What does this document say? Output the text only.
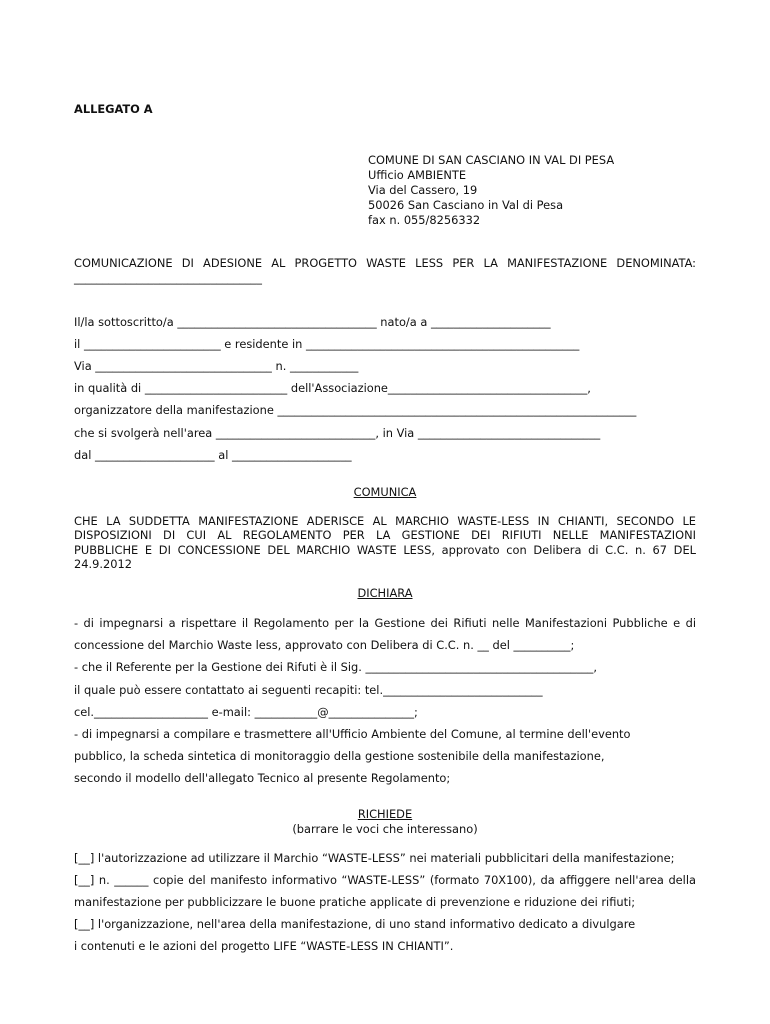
ALLEGATO A
COMUNE DI SAN CASCIANO IN VAL DI PESA
Ufficio AMBIENTE
Via del Cassero, 19
50026 San Casciano in Val di Pesa
fax n. 055/8256332
COMUNICAZIONE DI ADESIONE AL PROGETTO WASTE LESS PER LA MANIFESTAZIONE DENOMINATA:
_________________________________
Il/la sottoscritto/a ___________________________________ nato/a a _____________________
il ________________________ e residente in ________________________________________________
Via _______________________________ n. ____________
in qualità di _________________________ dell'Associazione___________________________________,
organizzatore della manifestazione _______________________________________________________________
che si svolgerà nell'area ____________________________, in Via ________________________________
dal _____________________ al _____________________
COMUNICA
CHE LA SUDDETTA MANIFESTAZIONE ADERISCE AL MARCHIO WASTE-LESS IN CHIANTI, SECONDO LE
DISPOSIZIONI DI CUI AL REGOLAMENTO PER LA GESTIONE DEI RIFIUTI NELLE MANIFESTAZIONI
PUBBLICHE E DI CONCESSIONE DEL MARCHIO WASTE LESS, approvato con Delibera di C.C. n. 67 DEL
24.9.2012
DICHIARA
- di impegnarsi a rispettare il Regolamento per la Gestione dei Rifiuti nelle Manifestazioni Pubbliche e di
concessione del Marchio Waste less, approvato con Delibera di C.C. n. __ del __________;
- che il Referente per la Gestione dei Rifuti è il Sig. ________________________________________,
il quale può essere contattato ai seguenti recapiti: tel.____________________________
cel.____________________ e-mail: ___________@_______________;
- di impegnarsi a compilare e trasmettere all'Ufficio Ambiente del Comune, al termine dell'evento
pubblico, la scheda sintetica di monitoraggio della gestione sostenibile della manifestazione,
secondo il modello dell'allegato Tecnico al presente Regolamento;
RICHIEDE
(barrare le voci che interessano)
[__] l'autorizzazione ad utilizzare il Marchio “WASTE-LESS” nei materiali pubblicitari della manifestazione;
[__] n. ______ copie del manifesto informativo “WASTE-LESS” (formato 70X100), da affiggere nell'area della
manifestazione per pubblicizzare le buone pratiche applicate di prevenzione e riduzione dei rifiuti;
[__] l'organizzazione, nell'area della manifestazione, di uno stand informativo dedicato a divulgare
i contenuti e le azioni del progetto LIFE “WASTE-LESS IN CHIANTI”.
